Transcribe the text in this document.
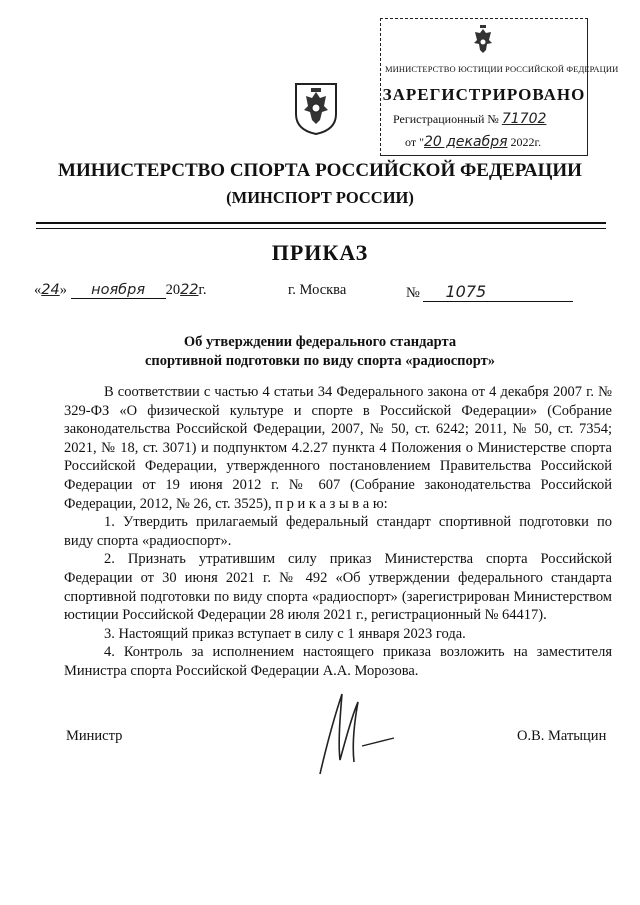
МИНИСТЕРСТВО ЮСТИЦИИ РОССИЙСКОЙ ФЕДЕРАЦИИ
ЗАРЕГИСТРИРОВАНО
Регистрационный № 71702
от "20 декабря 2022г.
МИНИСТЕРСТВО СПОРТА РОССИЙСКОЙ ФЕДЕРАЦИИ
(МИНСПОРТ РОССИИ)
ПРИКАЗ
«24» ноября 2022г.	г. Москва	№ 1075
Об утверждении федерального стандарта
спортивной подготовки по виду спорта «радиоспорт»

В соответствии с частью 4 статьи 34 Федерального закона от 4 декабря 2007 г. № 329-ФЗ «О физической культуре и спорте в Российской Федерации» (Собрание законодательства Российской Федерации, 2007, № 50, ст. 6242; 2011, № 50, ст. 7354; 2021, № 18, ст. 3071) и подпунктом 4.2.27 пункта 4 Положения о Министерстве спорта Российской Федерации, утвержденного постановлением Правительства Российской Федерации от 19 июня 2012 г. № 607 (Собрание законодательства Российской Федерации, 2012, № 26, ст. 3525), п р и к а з ы в а ю:

1. Утвердить прилагаемый федеральный стандарт спортивной подготовки по виду спорта «радиоспорт».

2. Признать утратившим силу приказ Министерства спорта Российской Федерации от 30 июня 2021 г. № 492 «Об утверждении федерального стандарта спортивной подготовки по виду спорта «радиоспорт» (зарегистрирован Министерством юстиции Российской Федерации 28 июля 2021 г., регистрационный № 64417).

3. Настоящий приказ вступает в силу с 1 января 2023 года.

4. Контроль за исполнением настоящего приказа возложить на заместителя Министра спорта Российской Федерации А.А. Морозова.

Министр	О.В. Матыцин
